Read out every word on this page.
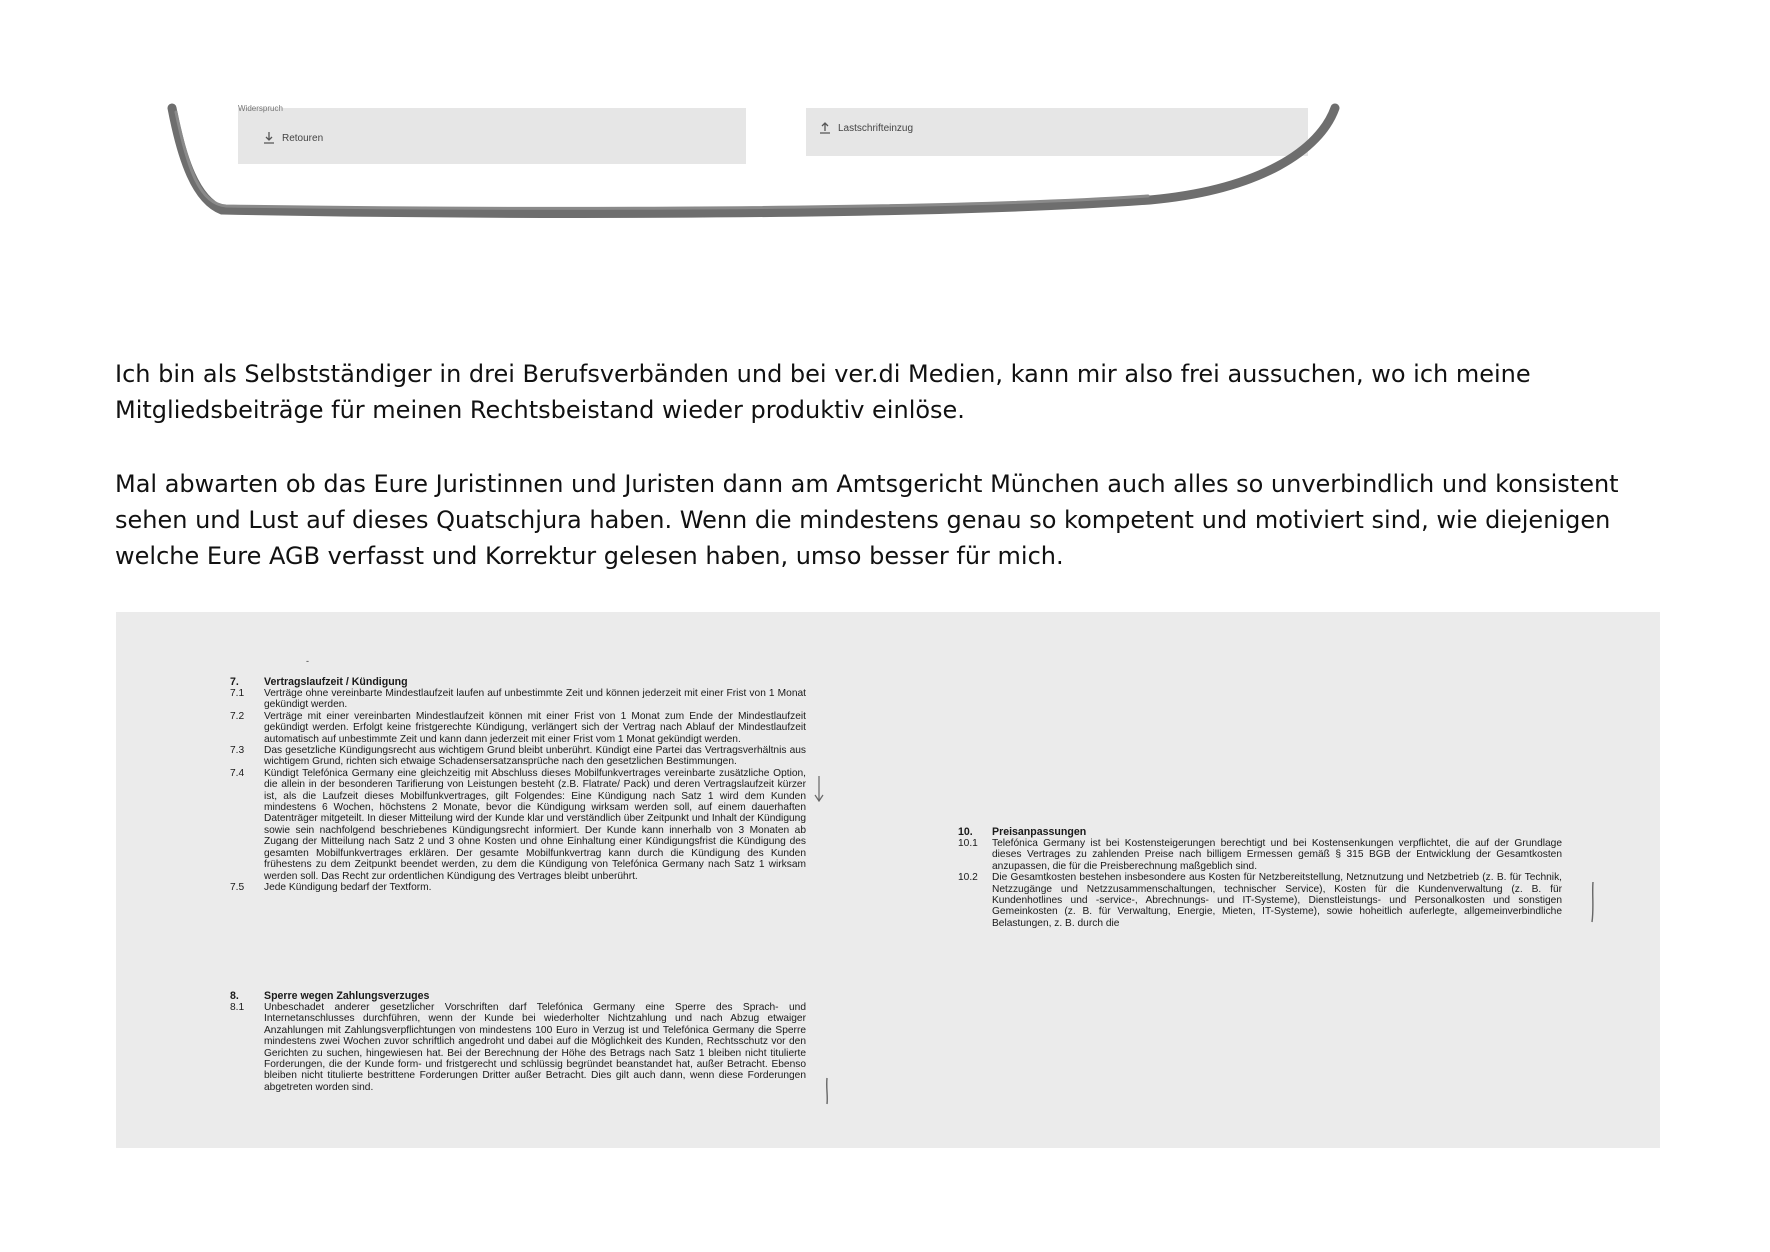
Widerspruch
Retouren
Lastschrifteinzug

Ich bin als Selbstständiger in drei Berufsverbänden und bei ver.di Medien, kann mir also frei aussuchen, wo ich meine
Mitgliedsbeiträge für meinen Rechtsbeistand wieder produktiv einlöse.

Mal abwarten ob das Eure Juristinnen und Juristen dann am Amtsgericht München auch alles so unverbindlich und konsistent
sehen und Lust auf dieses Quatschjura haben. Wenn die mindestens genau so kompetent und motiviert sind, wie diejenigen
welche Eure AGB verfasst und Korrektur gelesen haben, umso besser für mich.

-
7.	Vertragslaufzeit / Kündigung
7.1	Verträge ohne vereinbarte Mindestlaufzeit laufen auf unbestimmte Zeit und können jederzeit mit einer Frist von 1 Monat gekündigt werden.
7.2	Verträge mit einer vereinbarten Mindestlaufzeit können mit einer Frist von 1 Monat zum Ende der Mindestlaufzeit gekündigt werden. Erfolgt keine fristgerechte Kündigung, verlängert sich der Vertrag nach Ablauf der Mindestlaufzeit automatisch auf unbestimmte Zeit und kann dann jederzeit mit einer Frist vom 1 Monat gekündigt werden.
7.3	Das gesetzliche Kündigungsrecht aus wichtigem Grund bleibt unberührt. Kündigt eine Partei das Vertragsverhältnis aus wichtigem Grund, richten sich etwaige Schadensersatzansprüche nach den gesetzlichen Bestimmungen.
7.4	Kündigt Telefónica Germany eine gleichzeitig mit Abschluss dieses Mobilfunkvertrages vereinbarte zusätzliche Option, die allein in der besonderen Tarifierung von Leistungen besteht (z.B. Flatrate/ Pack) und deren Vertragslaufzeit kürzer ist, als die Laufzeit dieses Mobilfunkvertrages, gilt Folgendes: Eine Kündigung nach Satz 1 wird dem Kunden mindestens 6 Wochen, höchstens 2 Monate, bevor die Kündigung wirksam werden soll, auf einem dauerhaften Datenträger mitgeteilt. In dieser Mitteilung wird der Kunde klar und verständlich über Zeitpunkt und Inhalt der Kündigung sowie sein nachfolgend beschriebenes Kündigungsrecht informiert. Der Kunde kann innerhalb von 3 Monaten ab Zugang der Mitteilung nach Satz 2 und 3 ohne Kosten und ohne Einhaltung einer Kündigungsfrist die Kündigung des gesamten Mobilfunkvertrages erklären. Der gesamte Mobilfunkvertrag kann durch die Kündigung des Kunden frühestens zu dem Zeitpunkt beendet werden, zu dem die Kündigung von Telefónica Germany nach Satz 1 wirksam werden soll. Das Recht zur ordentlichen Kündigung des Vertrages bleibt unberührt.
7.5	Jede Kündigung bedarf der Textform.
8.	Sperre wegen Zahlungsverzuges
8.1	Unbeschadet anderer gesetzlicher Vorschriften darf Telefónica Germany eine Sperre des Sprach- und Internetanschlusses durchführen, wenn der Kunde bei wiederholter Nichtzahlung und nach Abzug etwaiger Anzahlungen mit Zahlungsverpflichtungen von mindestens 100 Euro in Verzug ist und Telefónica Germany die Sperre mindestens zwei Wochen zuvor schriftlich angedroht und dabei auf die Möglichkeit des Kunden, Rechtsschutz vor den Gerichten zu suchen, hingewiesen hat. Bei der Berechnung der Höhe des Betrags nach Satz 1 bleiben nicht titulierte Forderungen, die der Kunde form- und fristgerecht und schlüssig begründet beanstandet hat, außer Betracht. Ebenso bleiben nicht titulierte bestrittene Forderungen Dritter außer Betracht. Dies gilt auch dann, wenn diese Forderungen abgetreten worden sind.
10.	Preisanpassungen
10.1	Telefónica Germany ist bei Kostensteigerungen berechtigt und bei Kostensenkungen verpflichtet, die auf der Grundlage dieses Vertrages zu zahlenden Preise nach billigem Ermessen gemäß § 315 BGB der Entwicklung der Gesamtkosten anzupassen, die für die Preisberechnung maßgeblich sind.
10.2	Die Gesamtkosten bestehen insbesondere aus Kosten für Netzbereitstellung, Netznutzung und Netzbetrieb (z. B. für Technik, Netzzugänge und Netzzusammenschaltungen, technischer Service), Kosten für die Kundenverwaltung (z. B. für Kundenhotlines und -service-, Abrechnungs- und IT-Systeme), Dienstleistungs- und Personalkosten und sonstigen Gemeinkosten (z. B. für Verwaltung, Energie, Mieten, IT-Systeme), sowie hoheitlich auferlegte, allgemeinverbindliche Belastungen, z. B. durch die
